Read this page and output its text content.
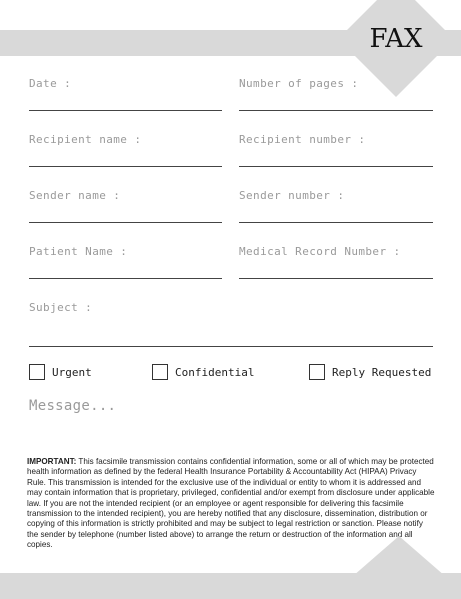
FAX
Date :	Number of pages :
Recipient name :	Recipient number :
Sender name :	Sender number :
Patient Name :	Medical Record Number :
Subject :
Urgent	Confidential	Reply Requested
Message...
IMPORTANT: This facsimile transmission contains confidential information, some or all of which may be protected health information as defined by the federal Health Insurance Portability & Accountability Act (HIPAA) Privacy Rule. This transmission is intended for the exclusive use of the individual or entity to whom it is addressed and may contain information that is proprietary, privileged, confidential and/or exempt from disclosure under applicable law. If you are not the intended recipient (or an employee or agent responsible for delivering this facsimile transmission to the intended recipient), you are hereby notified that any disclosure, dissemination, distribution or copying of this information is strictly prohibited and may be subject to legal restriction or sanction. Please notify the sender by telephone (number listed above) to arrange the return or destruction of the information and all copies.
